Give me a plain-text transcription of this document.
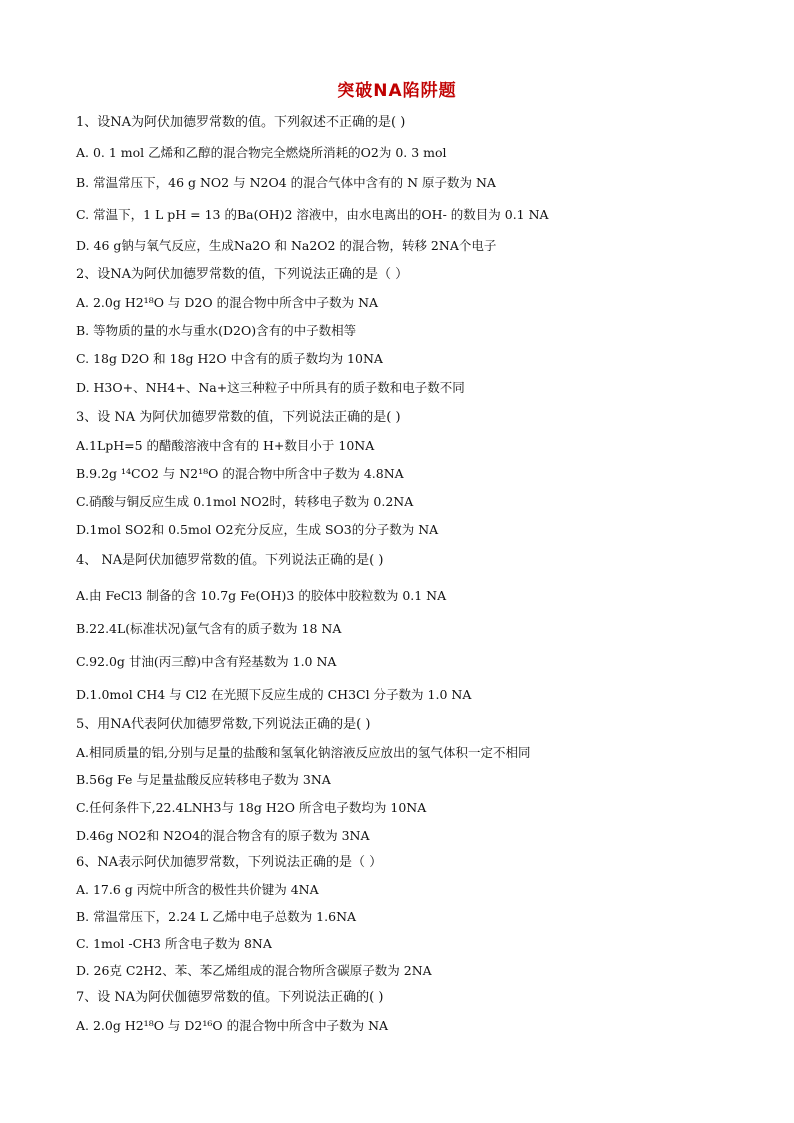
突破NA陷阱题
1、设NA为阿伏加德罗常数的值。下列叙述不正确的是( )
A. 0. 1 mol 乙烯和乙醇的混合物完全燃烧所消耗的O2为 0. 3 mol
B. 常温常压下，46 g NO2 与 N2O4 的混合气体中含有的 N 原子数为 NA
C. 常温下，1 L pH = 13 的Ba(OH)2 溶液中，由水电离出的OH- 的数目为 0.1 NA
D. 46 g钠与氧气反应，生成Na2O 和 Na2O2 的混合物，转移 2NA个电子
2、设NA为阿伏加德罗常数的值，下列说法正确的是（ ）
A. 2.0g H2¹⁸O 与 D2O 的混合物中所含中子数为 NA
B. 等物质的量的水与重水(D2O)含有的中子数相等
C. 18g D2O 和 18g H2O 中含有的质子数均为 10NA
D. H3O+、NH4+、Na+这三种粒子中所具有的质子数和电子数不同
3、设 NA 为阿伏加德罗常数的值，下列说法正确的是( )
A.1LpH=5 的醋酸溶液中含有的 H+数目小于 10NA
B.9.2g ¹⁴CO2 与 N2¹⁸O 的混合物中所含中子数为 4.8NA
C.硝酸与铜反应生成 0.1mol NO2时，转移电子数为 0.2NA
D.1mol SO2和 0.5mol O2充分反应，生成 SO3的分子数为 NA
4、 NA是阿伏加德罗常数的值。下列说法正确的是( )
A.由 FeCl3 制备的含 10.7g Fe(OH)3 的胶体中胶粒数为 0.1 NA
B.22.4L(标准状况)氩气含有的质子数为 18 NA
C.92.0g 甘油(丙三醇)中含有羟基数为 1.0 NA
D.1.0mol CH4 与 Cl2 在光照下反应生成的 CH3Cl 分子数为 1.0 NA
5、用NA代表阿伏加德罗常数,下列说法正确的是( )
A.相同质量的铝,分别与足量的盐酸和氢氧化钠溶液反应放出的氢气体积一定不相同
B.56g Fe 与足量盐酸反应转移电子数为 3NA
C.任何条件下,22.4LNH3与 18g H2O 所含电子数均为 10NA
D.46g NO2和 N2O4的混合物含有的原子数为 3NA
6、NA表示阿伏加德罗常数，下列说法正确的是（ ）
A. 17.6 g 丙烷中所含的极性共价键为 4NA
B. 常温常压下，2.24 L 乙烯中电子总数为 1.6NA
C. 1mol -CH3 所含电子数为 8NA
D. 26克 C2H2、苯、苯乙烯组成的混合物所含碳原子数为 2NA
7、设 NA为阿伏伽德罗常数的值。下列说法正确的( )
A. 2.0g H2¹⁸O 与 D2¹⁶O 的混合物中所含中子数为 NA
